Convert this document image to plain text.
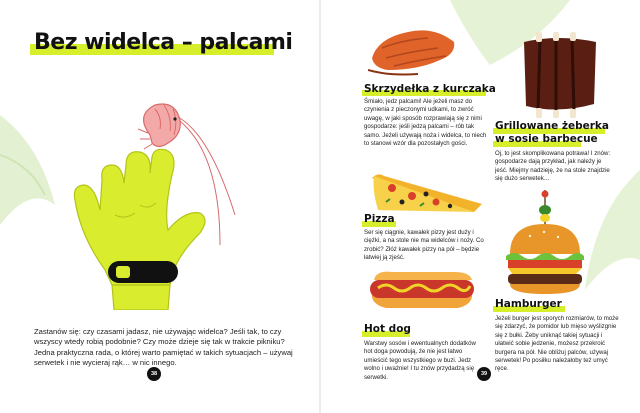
Bez widelca – palcami
Zastanów się: czy czasami jadasz, nie używając widelca? Jeśli tak, to czy wszyscy wtedy robią podobnie? Czy może dzieje się tak w trakcie pikniku? Jedna praktyczna rada, o której warto pamiętać w takich sytuacjach – używaj serwetek i nie wycieraj rąk… w nic innego.
38
Skrzydełka z kurczaka
Śmiało, jedz palcami! Ale jeżeli masz do czynienia z pieczonymi udkami, to zwróć uwagę, w jaki sposób rozprawiają się z nimi gospodarze: jeśli jedzą palcami – rób tak samo. Jeżeli używają noża i widelca, to niech to stanowi wzór dla pozostałych gości.
Grillowane żeberka w sosie barbecue
Oj, to jest skomplikowana potrawa! I znów: gospodarze dają przykład, jak należy je jeść. Miejmy nadzieję, że na stole znajdzie się dużo serwetek…
Pizza
Ser się ciągnie, kawałek pizzy jest duży i ciężki, a na stole nie ma widelców i noży. Co zrobić? Złóż kawałek pizzy na pół – będzie łatwiej ją zjeść.
Hamburger
Jeżeli burger jest sporych rozmiarów, to może się zdarzyć, że pomidor lub mięso wyślizgnie się z bułki. Żeby uniknąć takiej sytuacji i ułatwić sobie jedzenie, możesz przekroić burgera na pół. Nie obliżuj palców, używaj serwetek! Po posiłku należałoby też umyć ręce.
Hot dog
Warstwy sosów i ewentualnych dodatków hot doga powodują, że nie jest łatwo umieścić tego wszystkiego w buzi. Jedz wolno i uważnie! I tu znów przydadzą się serwetki.	39
